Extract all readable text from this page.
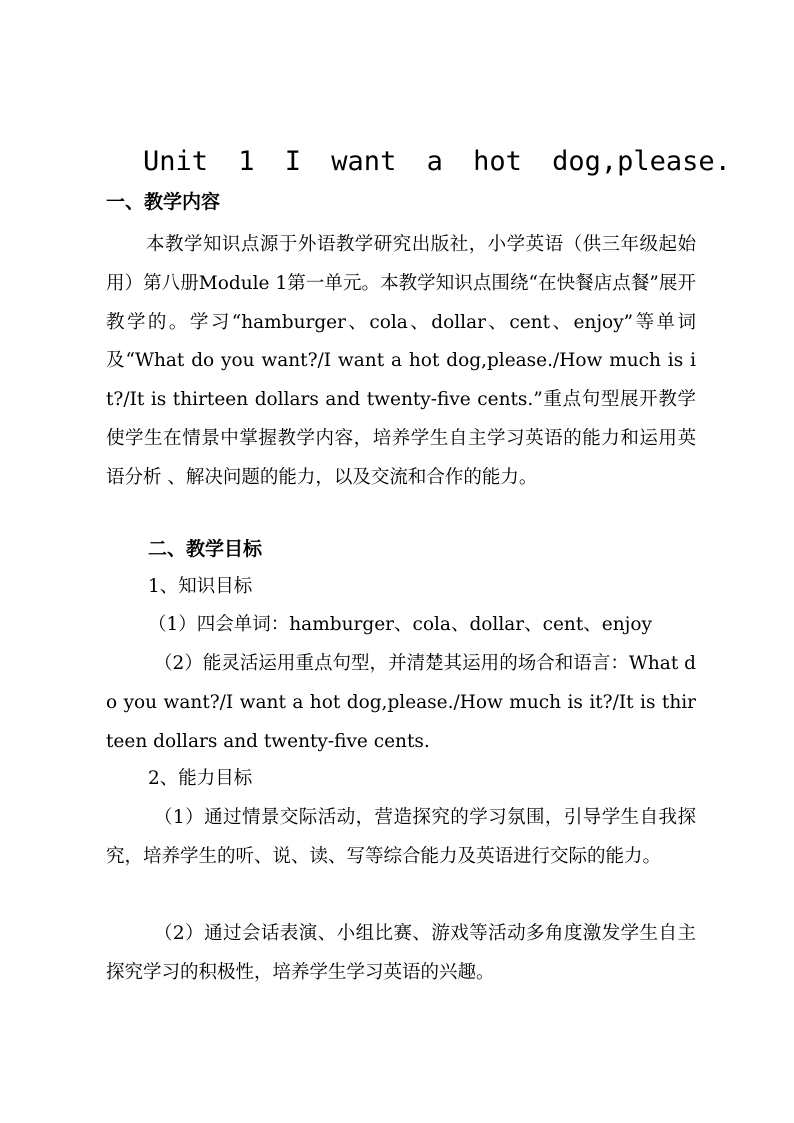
Unit 1 I want a hot dog,please.
一、教学内容

本教学知识点源于外语教学研究出版社，小学英语（供三年级起始用）第八册Module 1第一单元。本教学知识点围绕“在快餐店点餐”展开教学的。学习“hamburger、cola、dollar、cent、enjoy”等单词及“What do you want?/I want a hot dog,please./How much is it?/It is thirteen dollars and twenty-five cents.”重点句型展开教学使学生在情景中掌握教学内容，培养学生自主学习英语的能力和运用英语分析 、解决问题的能力，以及交流和合作的能力。

二、教学目标
1、知识目标
（1）四会单词：hamburger、cola、dollar、cent、enjoy

（2）能灵活运用重点句型，并清楚其运用的场合和语言：What do you want?/I want a hot dog,please./How much is it?/It is thirteen dollars and twenty-five cents.

2、能力目标

（1）通过情景交际活动，营造探究的学习氛围，引导学生自我探究，培养学生的听、说、读、写等综合能力及英语进行交际的能力。

（2）通过会话表演、小组比赛、游戏等活动多角度激发学生自主探究学习的积极性，培养学生学习英语的兴趣。
